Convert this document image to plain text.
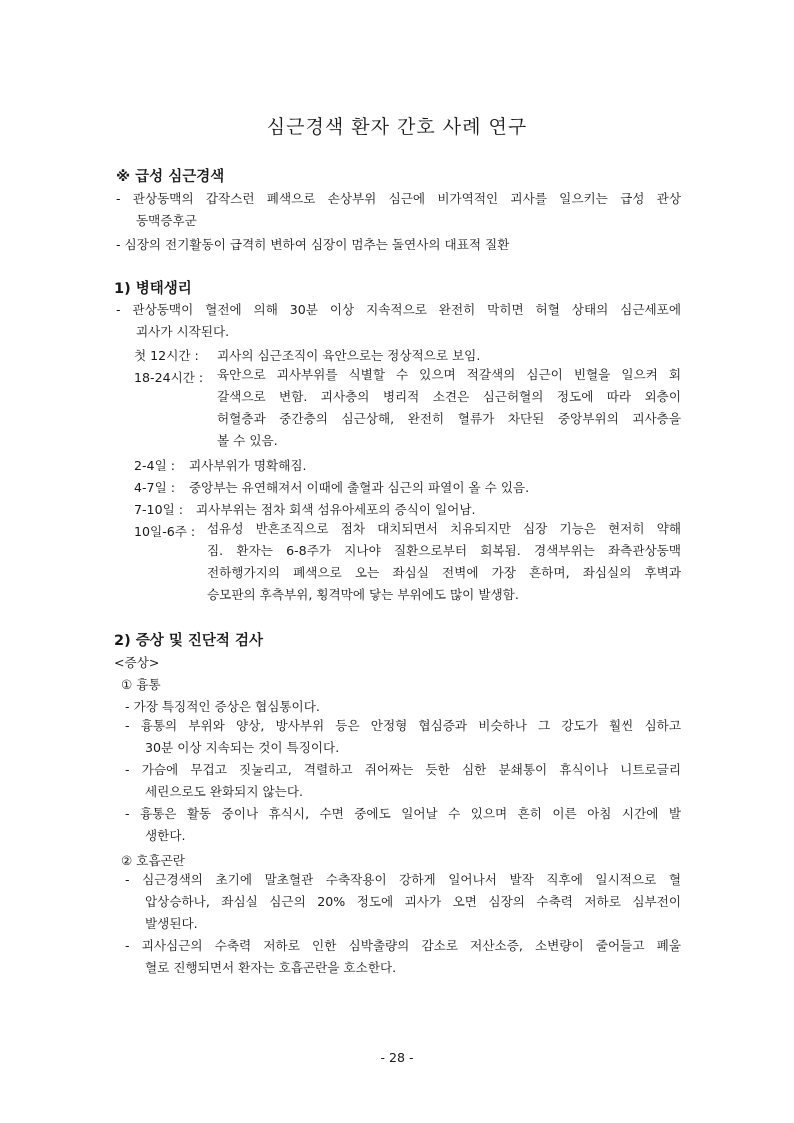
심근경색 환자 간호 사례 연구
※ 급성 심근경색
- 관상동맥의 갑작스런 폐색으로 손상부위 심근에 비가역적인 괴사를 일으키는 급성 관상
동맥증후군
- 심장의 전기활동이 급격히 변하여 심장이 멈추는 돌연사의 대표적 질환
1) 병태생리
- 관상동맥이 혈전에 의해 30분 이상 지속적으로 완전히 막히면 허혈 상태의 심근세포에
괴사가 시작된다.
첫 12시간 : 괴사의 심근조직이 육안으로는 정상적으로 보임.
18-24시간 : 육안으로 괴사부위를 식별할 수 있으며 적갈색의 심근이 빈혈을 일으켜 회
갈색으로 변함. 괴사층의 병리적 소견은 심근허혈의 정도에 따라 외층이
허혈층과 중간층의 심근상해, 완전히 혈류가 차단된 중앙부위의 괴사층을
볼 수 있음.
2-4일 : 괴사부위가 명확해짐.
4-7일 : 중앙부는 유연해져서 이때에 출혈과 심근의 파열이 올 수 있음.
7-10일 : 괴사부위는 점차 회색 섬유아세포의 증식이 일어남.
10일-6주 : 섬유성 반흔조직으로 점차 대치되면서 치유되지만 심장 기능은 현저히 약해
짐. 환자는 6-8주가 지나야 질환으로부터 회복됨. 경색부위는 좌측관상동맥
전하행가지의 폐색으로 오는 좌심실 전벽에 가장 흔하며, 좌심실의 후벽과
승모판의 후측부위, 횡격막에 닿는 부위에도 많이 발생함.
2) 증상 및 진단적 검사
<증상>
① 흉통
- 가장 특징적인 증상은 협심통이다.
- 흉통의 부위와 양상, 방사부위 등은 안정형 협심증과 비슷하나 그 강도가 훨씬 심하고
30분 이상 지속되는 것이 특징이다.
- 가슴에 무겁고 짓눌리고, 격렬하고 쥐어짜는 듯한 심한 분쇄통이 휴식이나 니트로글리
세린으로도 완화되지 않는다.
- 흉통은 활동 중이나 휴식시, 수면 중에도 일어날 수 있으며 흔히 이른 아침 시간에 발
생한다.
② 호흡곤란
- 심근경색의 초기에 말초혈관 수축작용이 강하게 일어나서 발작 직후에 일시적으로 혈
압상승하나, 좌심실 심근의 20% 정도에 괴사가 오면 심장의 수축력 저하로 심부전이
발생된다.
- 괴사심근의 수축력 저하로 인한 심박출량의 감소로 저산소증, 소변량이 줄어들고 폐울
혈로 진행되면서 환자는 호흡곤란을 호소한다.
- 28 -
